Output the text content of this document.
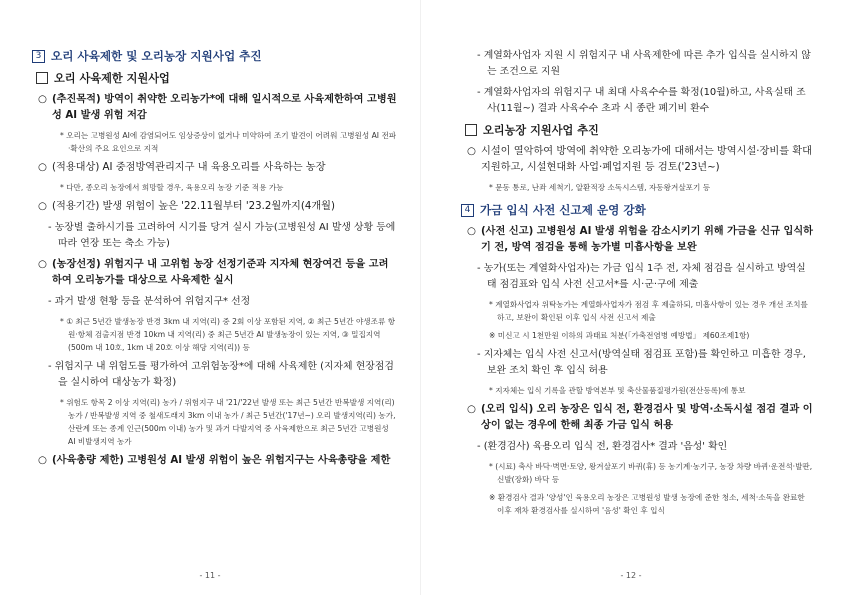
3 오리 사육제한 및 오리농장 지원사업 추진
오리 사육제한 지원사업
○ (추진목적) 방역이 취약한 오리농가*에 대해 일시적으로 사육제한하여 고병원성 AI 발생 위험 저감
* 오리는 고병원성 AI에 감염되어도 임상증상이 없거나 미약하여 조기 발견이 어려워 고병원성 AI 전파·확산의 주요 요인으로 지적
○ (적용대상) AI 중점방역관리지구 내 육용오리를 사육하는 농장
* 다만, 종오리 농장에서 희망할 경우, 육용오리 농장 기준 적용 가능
○ (적용기간) 발생 위험이 높은 '22.11월부터 '23.2월까지(4개월)
- 농장별 출하시기를 고려하여 시기를 당겨 실시 가능(고병원성 AI 발생 상황 등에 따라 연장 또는 축소 가능)
○ (농장선정) 위험지구 내 고위험 농장 선정기준과 지자체 현장여건 등을 고려하여 오리농가를 대상으로 사육제한 실시
- 과거 발생 현황 등을 분석하여 위험지구* 선정
* ① 최근 5년간 발생농장 반경 3km 내 지역(리) 중 2회 이상 포함된 지역, ② 최근 5년간 야생조류 항원·항체 검출지점 반경 10km 내 지역(리) 중 최근 5년간 AI 발생농장이 있는 지역, ③ 밀집지역(500m 내 10호, 1km 내 20호 이상 해당 지역(리)) 등
- 위험지구 내 위험도를 평가하여 고위험농장*에 대해 사육제한 (지자체 현장점검을 실시하여 대상농가 확정)
* 위험도 항목 2 이상 지역(리) 농가 / 위험지구 내 '21/'22년 발생 또는 최근 5년간 반복발생 지역(리) 농가 / 반복발생 지역 중 철새도래지 3km 이내 농가 / 최근 5년간('17년~) 오리 발생지역(리) 농가, 산란계 또는 종계 인근(500m 이내) 농가 및 과거 다발지역 중 사육제한으로 최근 5년간 고병원성 AI 비발생지역 농가
○ (사육총량 제한) 고병원성 AI 발생 위험이 높은 위험지구는 사육총량을 제한
- 11 -
- 계열화사업자 지원 시 위험지구 내 사육제한에 따른 추가 입식을 실시하지 않는 조건으로 지원
- 계열화사업자의 위험지구 내 최대 사육수수를 확정(10월)하고, 사육실태 조사(11월~) 결과 사육수수 초과 시 종란 폐기비 환수
오리농장 지원사업 추진
○ 시설이 열악하여 방역에 취약한 오리농가에 대해서는 방역시설·장비를 확대 지원하고, 시설현대화 사업·폐업지원 등 검토('23년~)
* 문동 통로, 난좌 세척기, 알환적장 소독시스템, 자동왕겨살포기 등
4 가금 입식 사전 신고제 운영 강화
○ (사전 신고) 고병원성 AI 발생 위험을 감소시키기 위해 가금을 신규 입식하기 전, 방역 점검을 통해 농가별 미흡사항을 보완
- 농가(또는 계열화사업자)는 가금 입식 1주 전, 자체 점검을 실시하고 방역실태 점검표와 입식 사전 신고서*를 시·군·구에 제출
* 계열화사업자 위탁농가는 계열화사업자가 점검 후 제출하되, 미흡사항이 있는 경우 개선 조치를 하고, 보완이 확인된 이후 입식 사전 신고서 제출
※ 미신고 시 1천만원 이하의 과태료 처분(「가축전염병 예방법」 제60조제1항)
- 지자체는 입식 사전 신고서(방역실태 점검표 포함)를 확인하고 미흡한 경우, 보완 조치 확인 후 입식 허용
* 지자체는 입식 기록을 관할 방역본부 및 축산물품질평가원(전산등록)에 통보
○ (오리 입식) 오리 농장은 입식 전, 환경검사 및 방역·소독시설 점검 결과 이상이 없는 경우에 한해 최종 가금 입식 허용
- (환경검사) 육용오리 입식 전, 환경검사* 결과 '음성' 확인
* (시료) 축사 바닥·벽면·토양, 왕겨살포기 바퀴(휴) 등 농기계·농기구, 농장 차량 바퀴·운전석·발판, 신발(장화) 바닥 등
※ 환경검사 결과 '양성'인 육용오리 농장은 고병원성 발생 농장에 준한 청소, 세척·소독을 완료한 이후 재차 환경검사를 실시하여 '음성' 확인 후 입식
- 12 -
